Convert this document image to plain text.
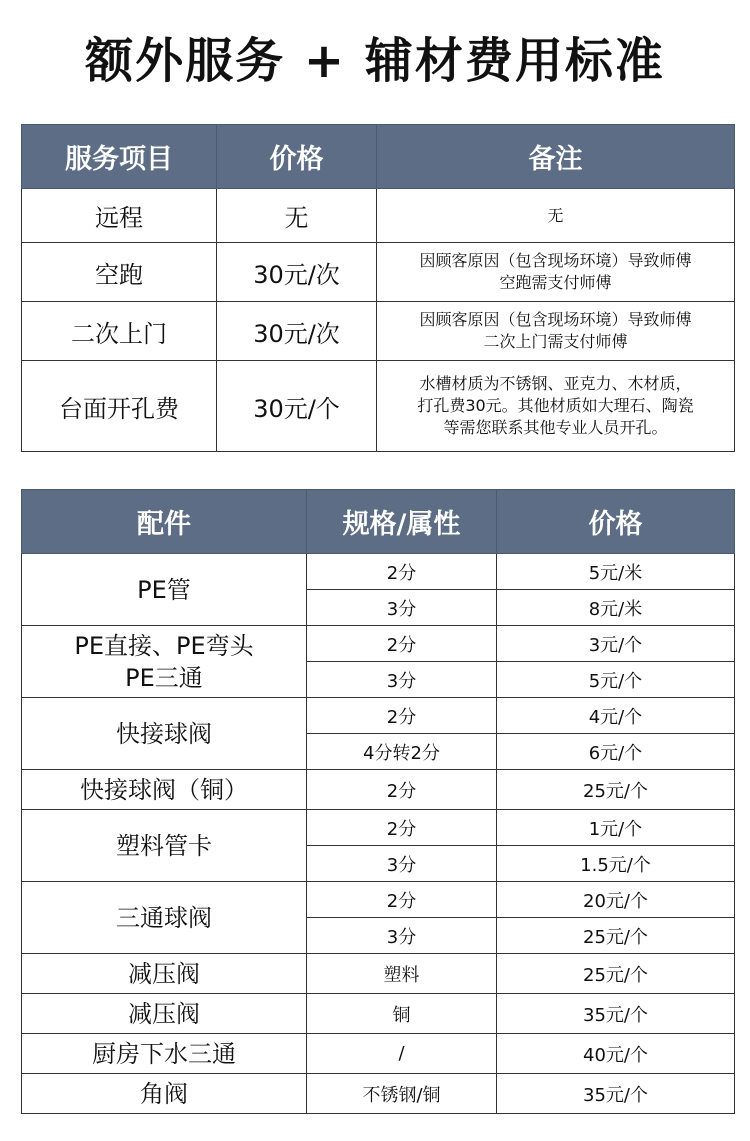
额外服务 + 辅材费用标准
服务项目	价格	备注
远程	无	无

空跑	30元/次	因顾客原因（包含现场环境）导致师傅
空跑需支付师傅

二次上门	30元/次	因顾客原因（包含现场环境）导致师傅
二次上门需支付师傅

台面开孔费	30元/个	水槽材质为不锈钢、亚克力、木材质，
打孔费30元。其他材质如大理石、陶瓷
等需您联系其他专业人员开孔。
配件	规格/属性	价格

PE管	2分	5元/米
	3分	8元/米

PE直接、PE弯头
PE三通	2分	3元/个
	3分	5元/个

快接球阀	2分	4元/个
	4分转2分	6元/个

快接球阀（铜）	2分	25元/个

塑料管卡	2分	1元/个
	3分	1.5元/个

三通球阀	2分	20元/个
	3分	25元/个

减压阀	塑料	25元/个

减压阀	铜	35元/个

厨房下水三通	/	40元/个

角阀	不锈钢/铜	35元/个
